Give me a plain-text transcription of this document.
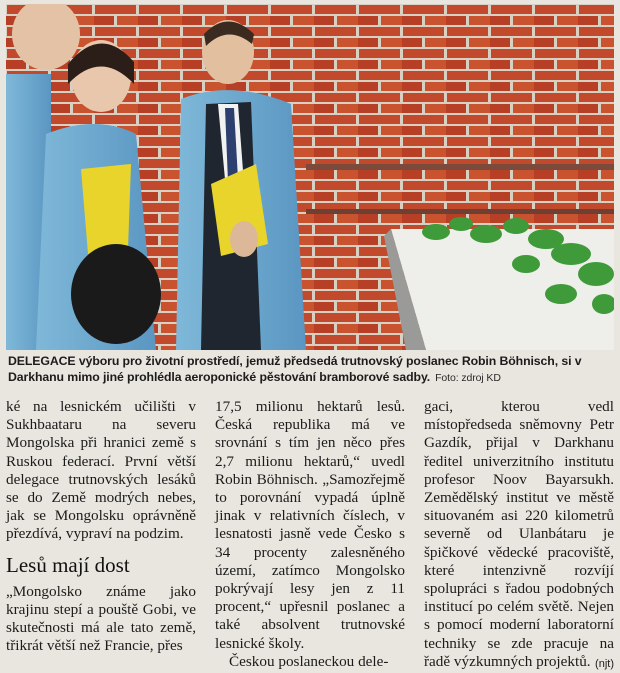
DELEGACE výboru pro životní prostředí, jemuž předsedá trutnovský poslanec Robin Böhnisch, si v Darkhanu mimo jiné prohlédla aeroponické pěstování bramborové sadby. Foto: zdroj KD

ké na lesnickém učilišti v Sukhbaataru na severu Mongolska při hranici země s Ruskou federací. První větší delegace trutnovských lesáků se do Země modrých nebes, jak se Mongolsku oprávněně přezdívá, vypraví na podzim.

Lesů mají dost

„Mongolsko známe jako krajinu stepí a pouště Gobi, ve skutečnosti má ale tato země, třikrát větší než Francie, přes

17,5 milionu hektarů lesů. Česká republika má ve srovnání s tím jen něco přes 2,7 milionu hektarů,“ uvedl Robin Böhnisch. „Samozřejmě to porovnání vypadá úplně jinak v relativních číslech, v lesnatosti jasně vede Česko s 34 procenty zalesněného území, zatímco Mongolsko pokrývají lesy jen z 11 procent,“ upřesnil poslanec a také absolvent trutnovské lesnické školy.

Českou poslaneckou dele-

gaci, kterou vedl místopředseda sněmovny Petr Gazdík, přijal v Darkhanu ředitel univerzitního institutu profesor Noov Bayarsukh. Zemědělský institut ve městě situovaném asi 220 kilometrů severně od Ulanbátaru je špičkové vědecké pracoviště, které intenzivně rozvíjí spolupráci s řadou podobných institucí po celém světě. Nejen s pomocí moderní laboratorní techniky se zde pracuje na řadě výzkumných projektů. (njt)
